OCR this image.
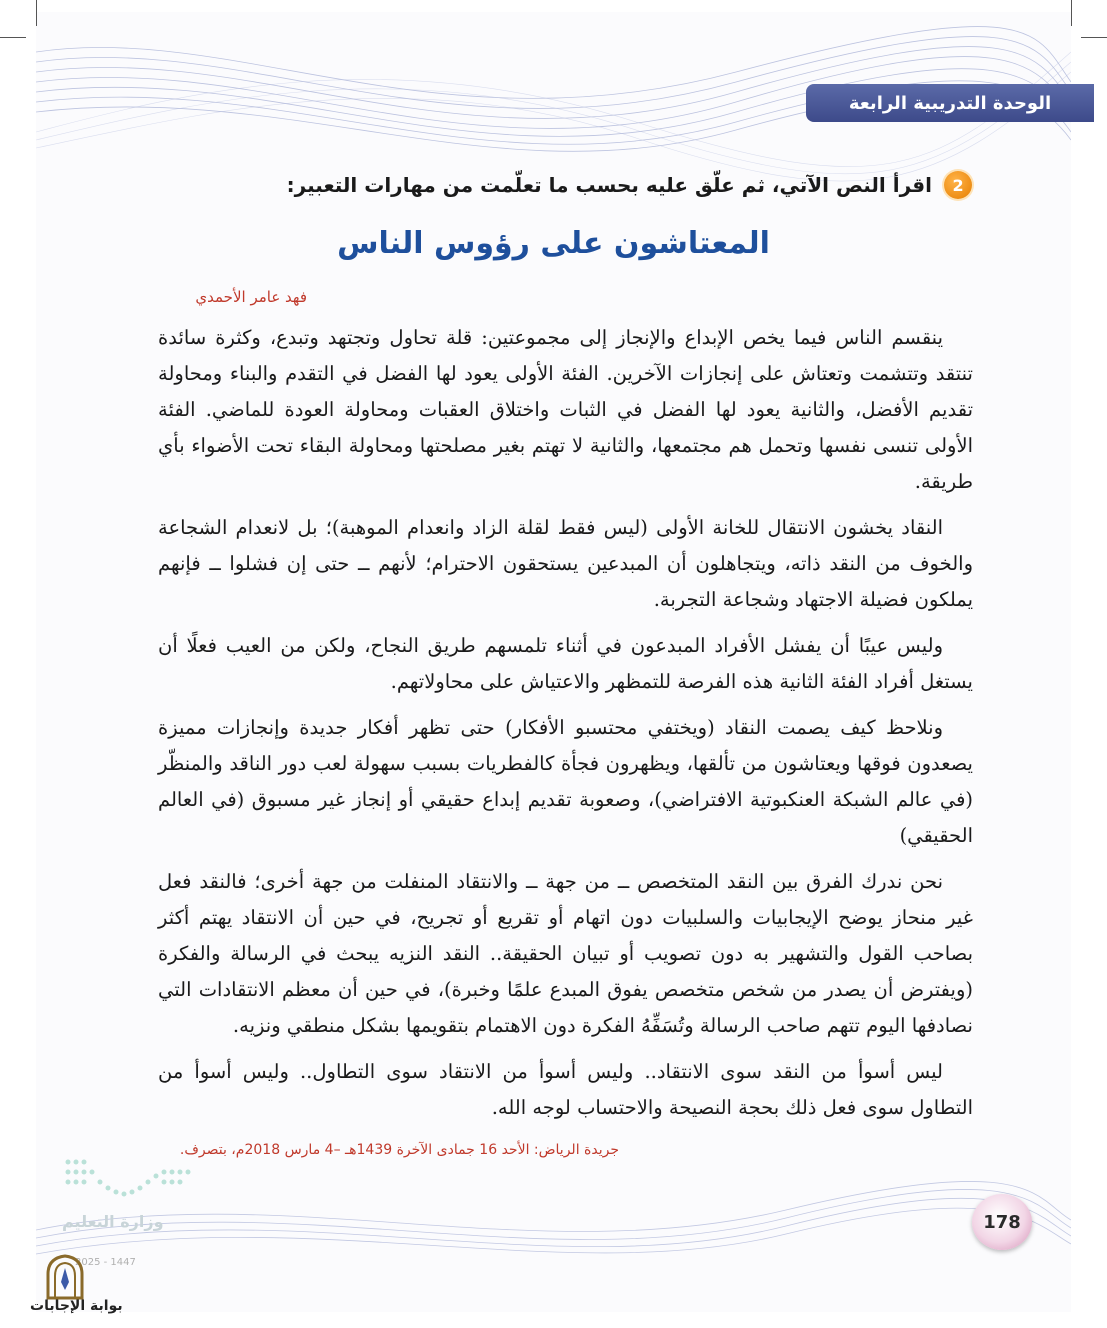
الوحدة التدريبية الرابعة
2
اقرأ النص الآتي، ثم علّق عليه بحسب ما تعلّمت من مهارات التعبير:
المعتاشون على رؤوس الناس
فهد عامر الأحمدي

ينقسم الناس فيما يخص الإبداع والإنجاز إلى مجموعتين: قلة تحاول وتجتهد وتبدع، وكثرة سائدة تنتقد وتتشمت وتعتاش على إنجازات الآخرين. الفئة الأولى يعود لها الفضل في التقدم والبناء ومحاولة تقديم الأفضل، والثانية يعود لها الفضل في الثبات واختلاق العقبات ومحاولة العودة للماضي. الفئة الأولى تنسى نفسها وتحمل هم مجتمعها، والثانية لا تهتم بغير مصلحتها ومحاولة البقاء تحت الأضواء بأي طريقة.

النقاد يخشون الانتقال للخانة الأولى (ليس فقط لقلة الزاد وانعدام الموهبة)؛ بل لانعدام الشجاعة والخوف من النقد ذاته، ويتجاهلون أن المبدعين يستحقون الاحترام؛ لأنهم ــ حتى إن فشلوا ــ فإنهم يملكون فضيلة الاجتهاد وشجاعة التجربة.

وليس عيبًا أن يفشل الأفراد المبدعون في أثناء تلمسهم طريق النجاح، ولكن من العيب فعلًا أن يستغل أفراد الفئة الثانية هذه الفرصة للتمظهر والاعتياش على محاولاتهم.

ونلاحظ كيف يصمت النقاد (ويختفي محتسبو الأفكار) حتى تظهر أفكار جديدة وإنجازات مميزة يصعدون فوقها ويعتاشون من تألقها، ويظهرون فجأة كالفطريات بسبب سهولة لعب دور الناقد والمنظّر (في عالم الشبكة العنكبوتية الافتراضي)، وصعوبة تقديم إبداع حقيقي أو إنجاز غير مسبوق (في العالم الحقيقي)

نحن ندرك الفرق بين النقد المتخصص ــ من جهة ــ والانتقاد المنفلت من جهة أخرى؛ فالنقد فعل غير منحاز يوضح الإيجابيات والسلبيات دون اتهام أو تقريع أو تجريح، في حين أن الانتقاد يهتم أكثر بصاحب القول والتشهير به دون تصويب أو تبيان الحقيقة.. النقد النزيه يبحث في الرسالة والفكرة (ويفترض أن يصدر من شخص متخصص يفوق المبدع علمًا وخبرة)، في حين أن معظم الانتقادات التي نصادفها اليوم تتهم صاحب الرسالة وتُسَفِّهُ الفكرة دون الاهتمام بتقويمها بشكل منطقي ونزيه.

ليس أسوأ من النقد سوى الانتقاد.. وليس أسوأ من الانتقاد سوى التطاول.. وليس أسوأ من التطاول سوى فعل ذلك بحجة النصيحة والاحتساب لوجه الله.

جريدة الرياض: الأحد 16 جمادى الآخرة 1439هـ –4 مارس 2018م، بتصرف.
وزارة التعليم
2025 - 1447
178
بوابة الإجابات
